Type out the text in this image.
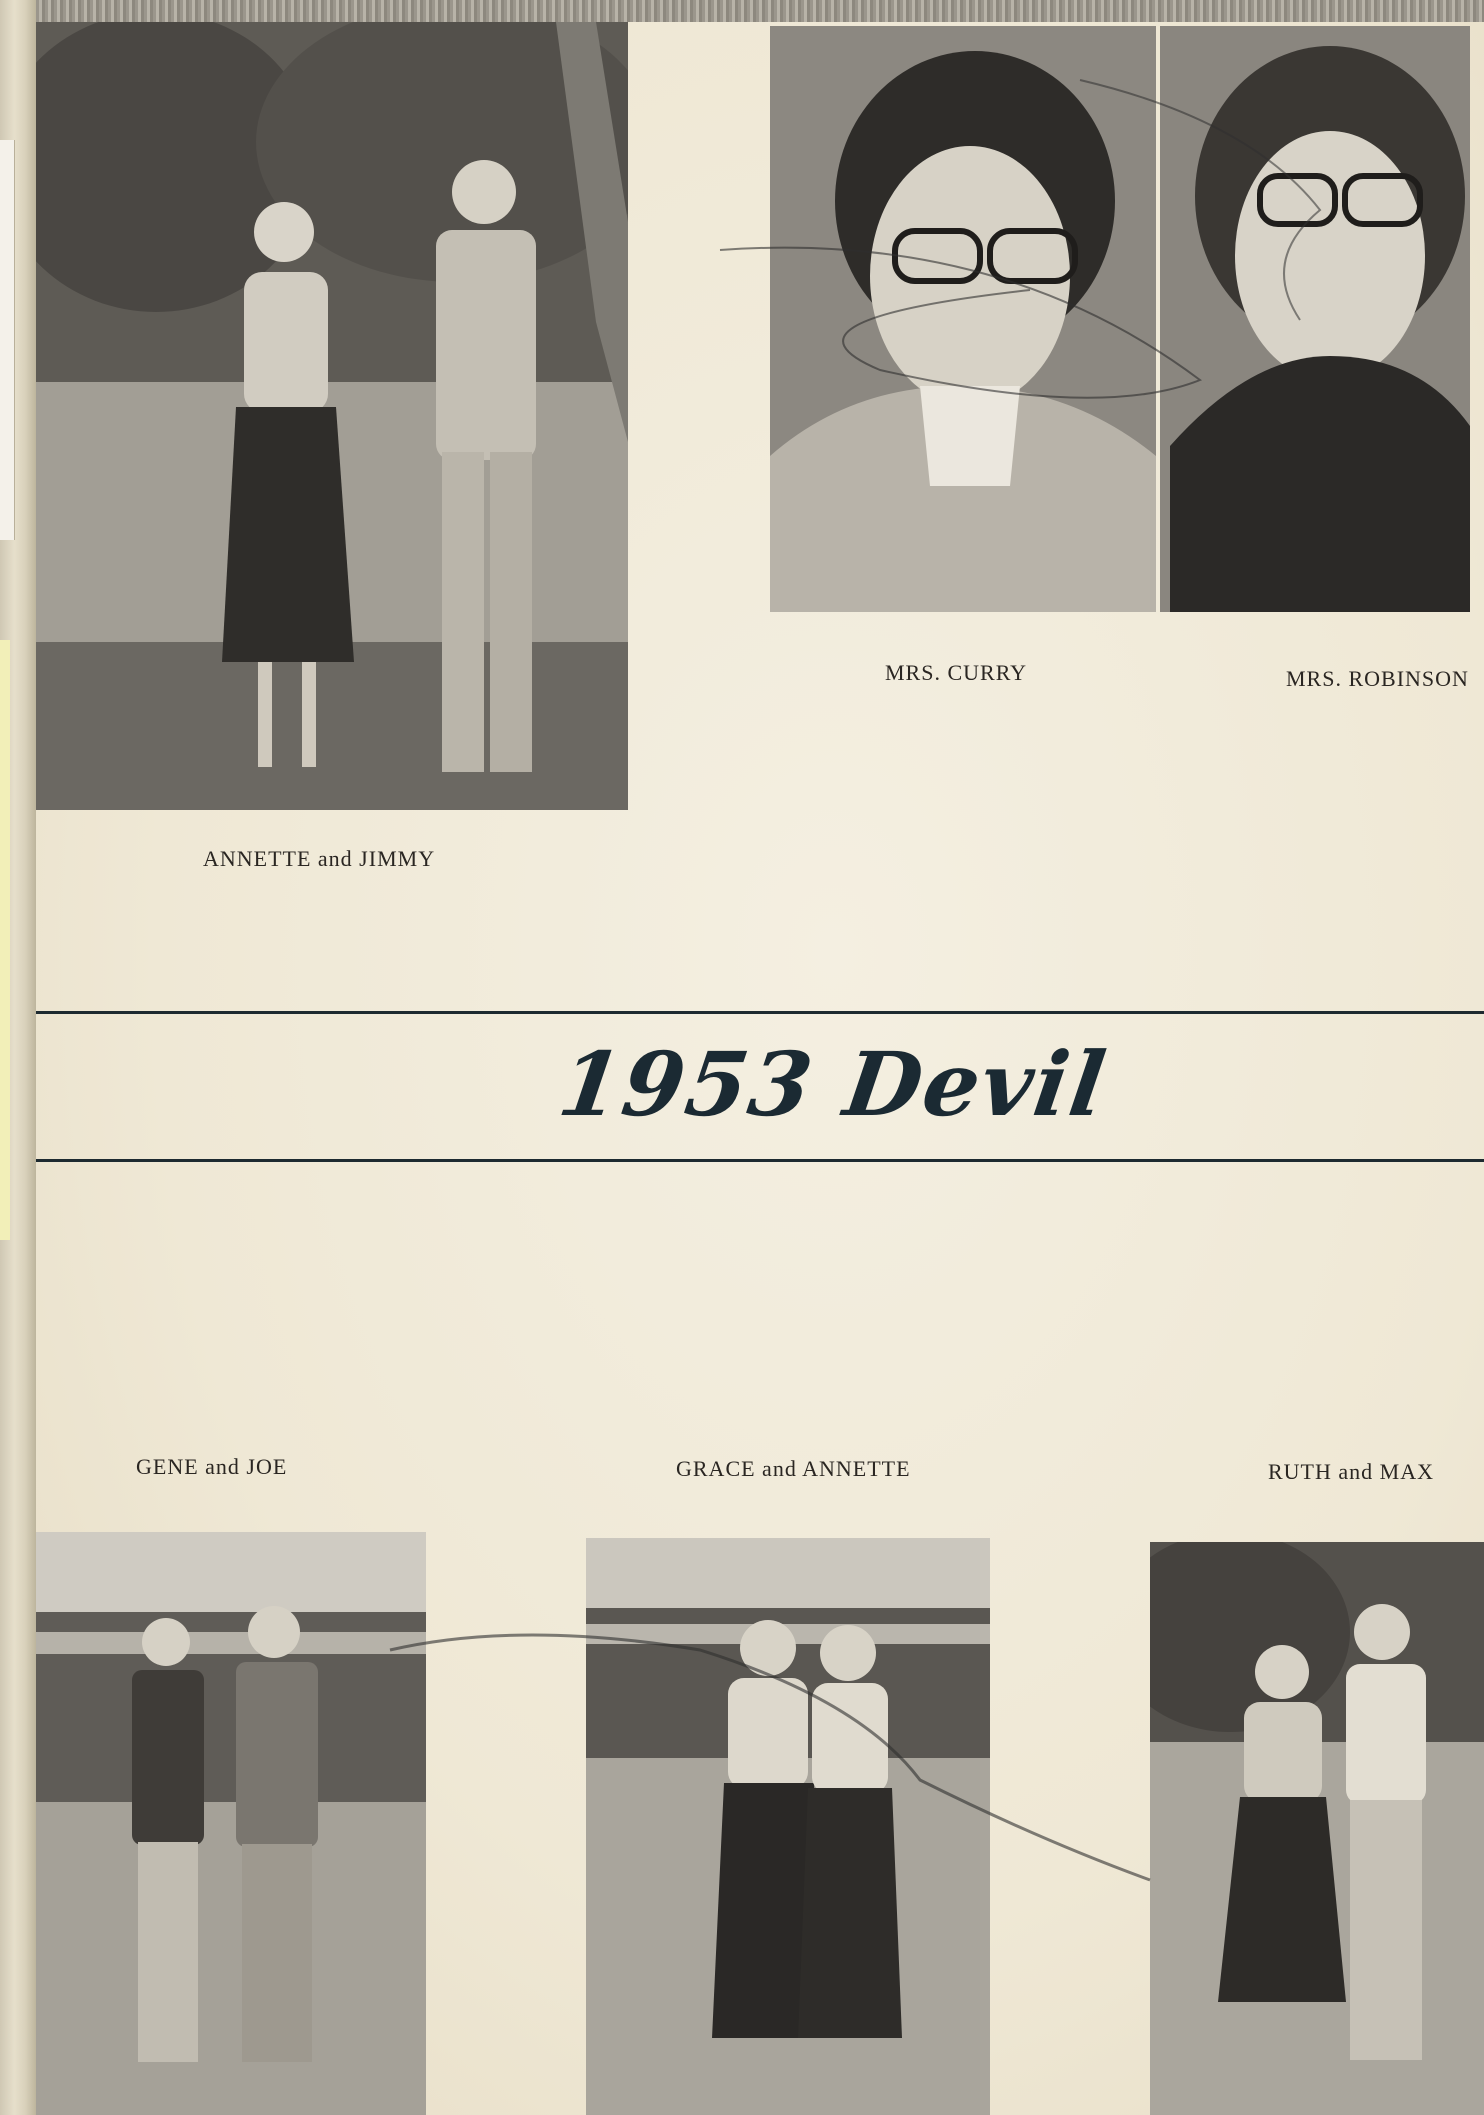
ANNETTE and JIMMY
MRS. CURRY	MRS. ROBINSON
1953 Devil
GENE and JOE	GRACE and ANNETTE	RUTH and MAX
